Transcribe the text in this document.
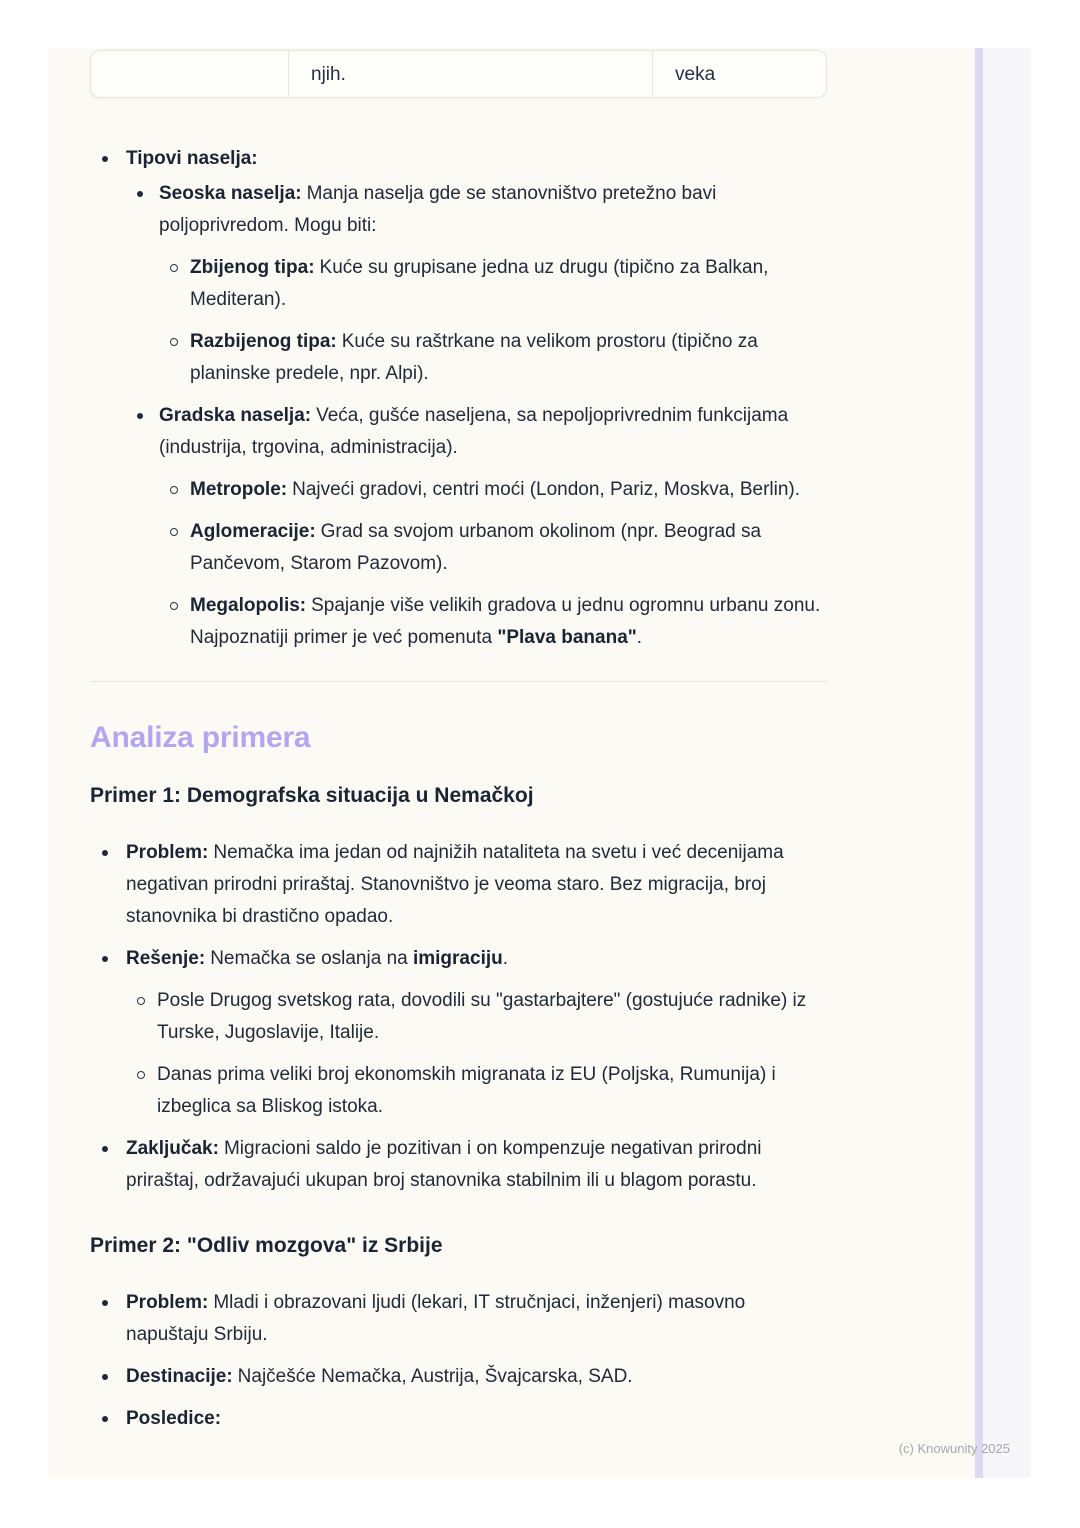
njih.	veka
Tipovi naselja:
Seoska naselja: Manja naselja gde se stanovništvo pretežno bavi poljoprivredom. Mogu biti:
Zbijenog tipa: Kuće su grupisane jedna uz drugu (tipično za Balkan, Mediteran).
Razbijenog tipa: Kuće su raštrkane na velikom prostoru (tipično za planinske predele, npr. Alpi).
Gradska naselja: Veća, gušće naseljena, sa nepoljoprivrednim funkcijama (industrija, trgovina, administracija).
Metropole: Najveći gradovi, centri moći (London, Pariz, Moskva, Berlin).
Aglomeracije: Grad sa svojom urbanom okolinom (npr. Beograd sa Pančevom, Starom Pazovom).
Megalopolis: Spajanje više velikih gradova u jednu ogromnu urbanu zonu. Najpoznatiji primer je već pomenuta "Plava banana".
Analiza primera
Primer 1: Demografska situacija u Nemačkoj
Problem: Nemačka ima jedan od najnižih nataliteta na svetu i već decenijama negativan prirodni priraštaj. Stanovništvo je veoma staro. Bez migracija, broj stanovnika bi drastično opadao.
Rešenje: Nemačka se oslanja na imigraciju.
Posle Drugog svetskog rata, dovodili su "gastarbajtere" (gostujuće radnike) iz Turske, Jugoslavije, Italije.
Danas prima veliki broj ekonomskih migranata iz EU (Poljska, Rumunija) i izbeglica sa Bliskog istoka.
Zaključak: Migracioni saldo je pozitivan i on kompenzuje negativan prirodni priraštaj, održavajući ukupan broj stanovnika stabilnim ili u blagom porastu.
Primer 2: "Odliv mozgova" iz Srbije
Problem: Mladi i obrazovani ljudi (lekari, IT stručnjaci, inženjeri) masovno napuštaju Srbiju.
Destinacije: Najčešće Nemačka, Austrija, Švajcarska, SAD.
Posledice:
(c) Knowunity 2025
